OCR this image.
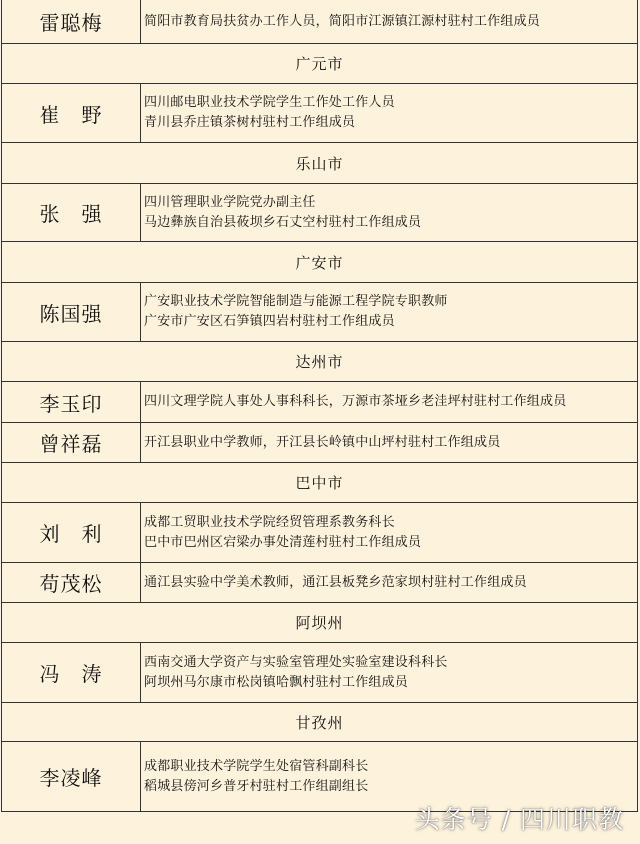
雷聪梅	简阳市教育局扶贫办工作人员，简阳市江源镇江源村驻村工作组成员
广元市
崔　野	四川邮电职业技术学院学生工作处工作人员
青川县乔庄镇茶树村驻村工作组成员
乐山市
张　强	四川管理职业学院党办副主任
马边彝族自治县莜坝乡石丈空村驻村工作组成员
广安市
陈国强	广安职业技术学院智能制造与能源工程学院专职教师
广安市广安区石笋镇四岩村驻村工作组成员
达州市
李玉印	四川文理学院人事处人事科科长，万源市茶垭乡老洼坪村驻村工作组成员
曾祥磊	开江县职业中学教师，开江县长岭镇中山坪村驻村工作组成员
巴中市
刘　利	成都工贸职业技术学院经贸管理系教务科长
巴中市巴州区宕梁办事处清莲村驻村工作组成员
苟茂松	通江县实验中学美术教师，通江县板凳乡范家坝村驻村工作组成员
阿坝州
冯　涛	西南交通大学资产与实验室管理处实验室建设科科长
阿坝州马尔康市松岗镇哈飘村驻村工作组成员
甘孜州
李凌峰	成都职业技术学院学生处宿管科副科长
稻城县傍河乡普牙村驻村工作组副组长
头条号 / 四川职教
